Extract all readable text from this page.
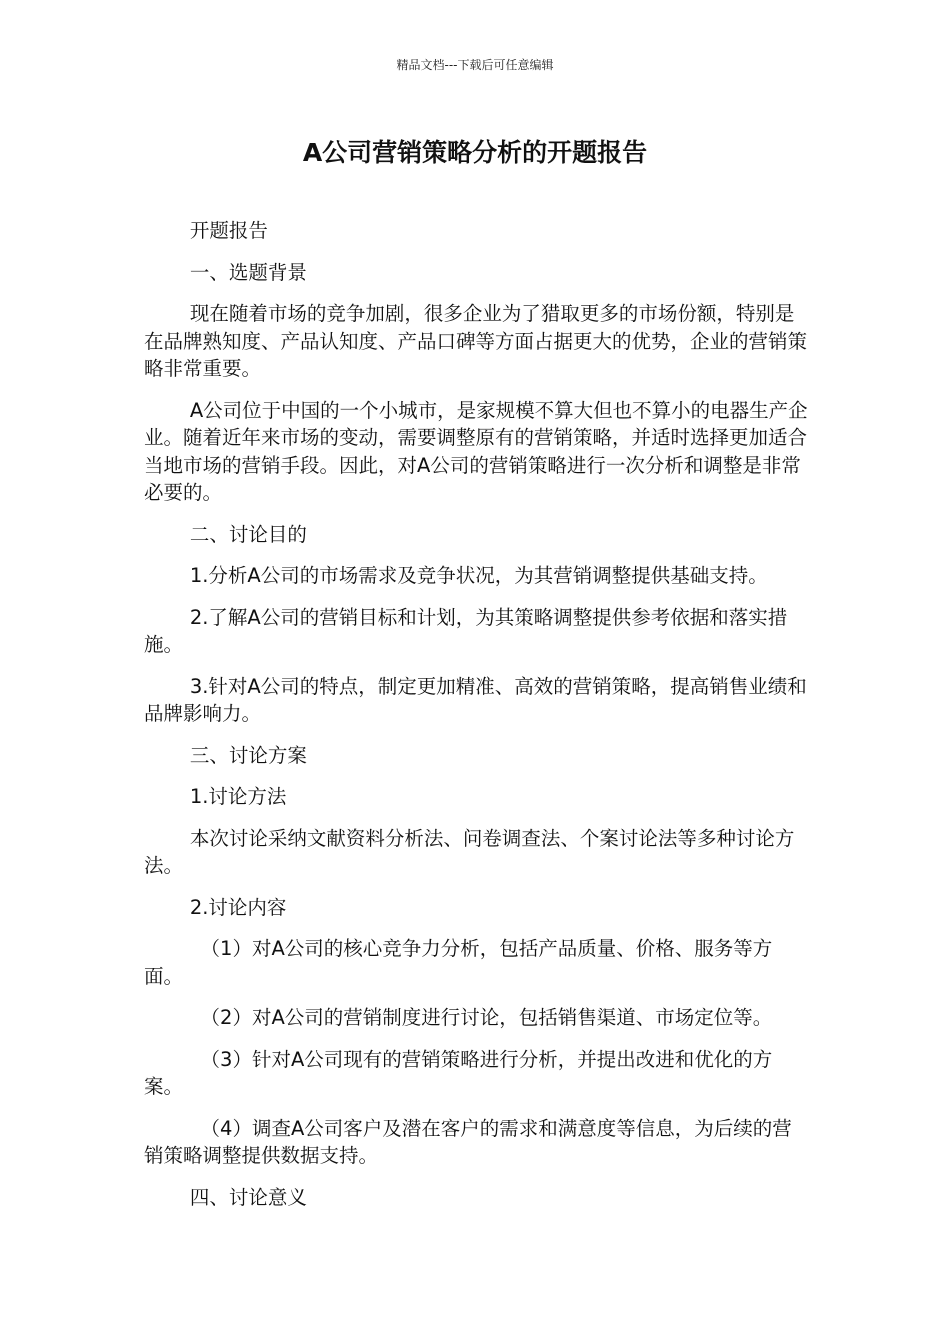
精品文档---下载后可任意编辑
A公司营销策略分析的开题报告

开题报告

一、选题背景

现在随着市场的竞争加剧，很多企业为了猎取更多的市场份额，特别是在品牌熟知度、产品认知度、产品口碑等方面占据更大的优势，企业的营销策略非常重要。

A公司位于中国的一个小城市，是家规模不算大但也不算小的电器生产企业。随着近年来市场的变动，需要调整原有的营销策略，并适时选择更加适合当地市场的营销手段。因此，对A公司的营销策略进行一次分析和调整是非常必要的。

二、讨论目的

1.分析A公司的市场需求及竞争状况，为其营销调整提供基础支持。

2.了解A公司的营销目标和计划，为其策略调整提供参考依据和落实措施。

3.针对A公司的特点，制定更加精准、高效的营销策略，提高销售业绩和品牌影响力。

三、讨论方案

1.讨论方法

本次讨论采纳文献资料分析法、问卷调查法、个案讨论法等多种讨论方法。

2.讨论内容

（1）对A公司的核心竞争力分析，包括产品质量、价格、服务等方面。

（2）对A公司的营销制度进行讨论，包括销售渠道、市场定位等。

（3）针对A公司现有的营销策略进行分析，并提出改进和优化的方案。

（4）调查A公司客户及潜在客户的需求和满意度等信息，为后续的营销策略调整提供数据支持。

四、讨论意义
